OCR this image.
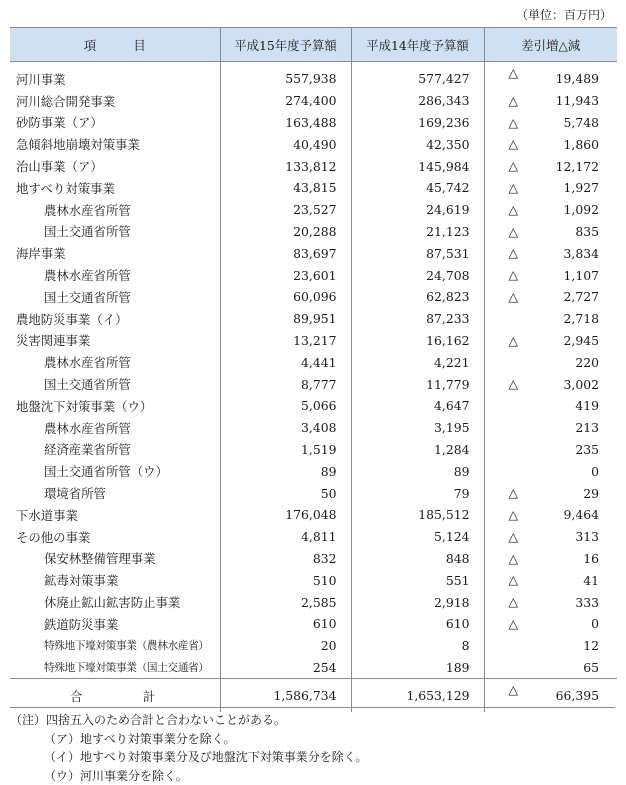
（単位：百万円）
項　　　目	平成15年度予算額	平成14年度予算額	差引増△減
河川事業	557,938	577,427	△ 19,489
河川総合開発事業	274,400	286,343	△ 11,943
砂防事業（ア）	163,488	169,236	△ 5,748
急傾斜地崩壊対策事業	40,490	42,350	△ 1,860
治山事業（ア）	133,812	145,984	△ 12,172
地すべり対策事業	43,815	45,742	△ 1,927
農林水産省所管	23,527	24,619	△ 1,092
国土交通省所管	20,288	21,123	△ 835
海岸事業	83,697	87,531	△ 3,834
農林水産省所管	23,601	24,708	△ 1,107
国土交通省所管	60,096	62,823	△ 2,727
農地防災事業（イ）	89,951	87,233	2,718
災害関連事業	13,217	16,162	△ 2,945
農林水産省所管	4,441	4,221	220
国土交通省所管	8,777	11,779	△ 3,002
地盤沈下対策事業（ウ）	5,066	4,647	419
農林水産省所管	3,408	3,195	213
経済産業省所管	1,519	1,284	235
国土交通省所管（ウ）	89	89	0
環境省所管	50	79	△ 29
下水道事業	176,048	185,512	△ 9,464
その他の事業	4,811	5,124	△ 313
保安林整備管理事業	832	848	△ 16
鉱毒対策事業	510	551	△ 41
休廃止鉱山鉱害防止事業	2,585	2,918	△ 333
鉄道防災事業	610	610	△ 0
特殊地下壕対策事業（農林水産省）	20	8	12
特殊地下壕対策事業（国土交通省）	254	189	65
合　計	1,586,734	1,653,129	△ 66,395
（注）四捨五入のため合計と合わないことがある。
（ア）地すべり対策事業分を除く。
（イ）地すべり対策事業分及び地盤沈下対策事業分を除く。
（ウ）河川事業分を除く。
